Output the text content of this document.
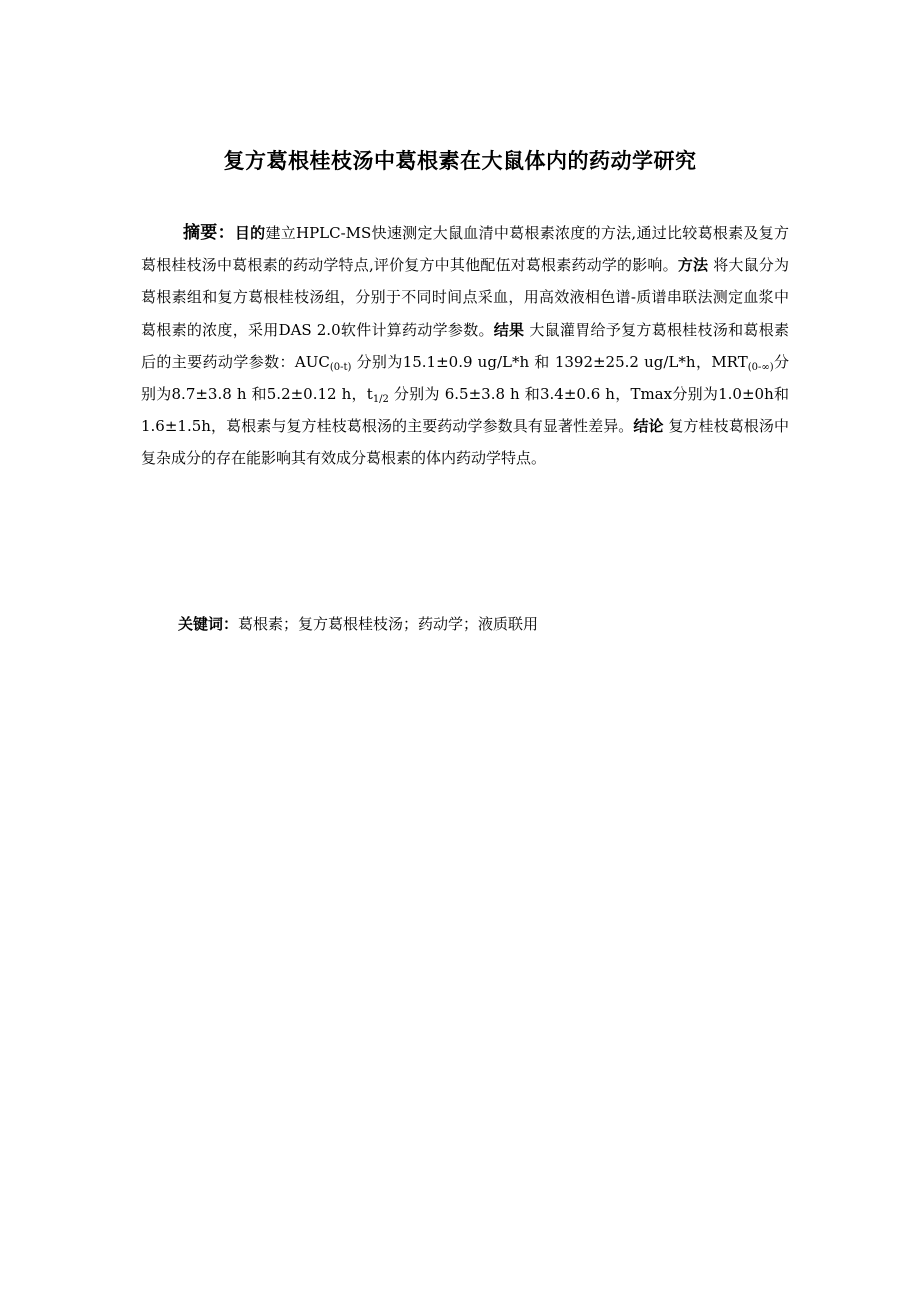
复方葛根桂枝汤中葛根素在大鼠体内的药动学研究

摘要：目的建立HPLC-MS快速测定大鼠血清中葛根素浓度的方法,通过比较葛根素及复方葛根桂枝汤中葛根素的药动学特点,评价复方中其他配伍对葛根素药动学的影响。方法 将大鼠分为葛根素组和复方葛根桂枝汤组，分别于不同时间点采血，用高效液相色谱-质谱串联法测定血浆中葛根素的浓度，采用DAS 2.0软件计算药动学参数。结果 大鼠灌胃给予复方葛根桂枝汤和葛根素后的主要药动学参数：$AUC_{(0-t)}$ 分别为15.1±0.9 ug/L*h 和 1392±25.2 ug/L*h，$MRT_{(0-\infty)}$分别为8.7±3.8 h 和5.2±0.12 h，$t_{1/2}$ 分别为 6.5±3.8 h 和3.4±0.6 h，Tmax分别为1.0±0h和 1.6±1.5h，葛根素与复方桂枝葛根汤的主要药动学参数具有显著性差异。结论 复方桂枝葛根汤中复杂成分的存在能影响其有效成分葛根素的体内药动学特点。

关键词：葛根素；复方葛根桂枝汤；药动学；液质联用
